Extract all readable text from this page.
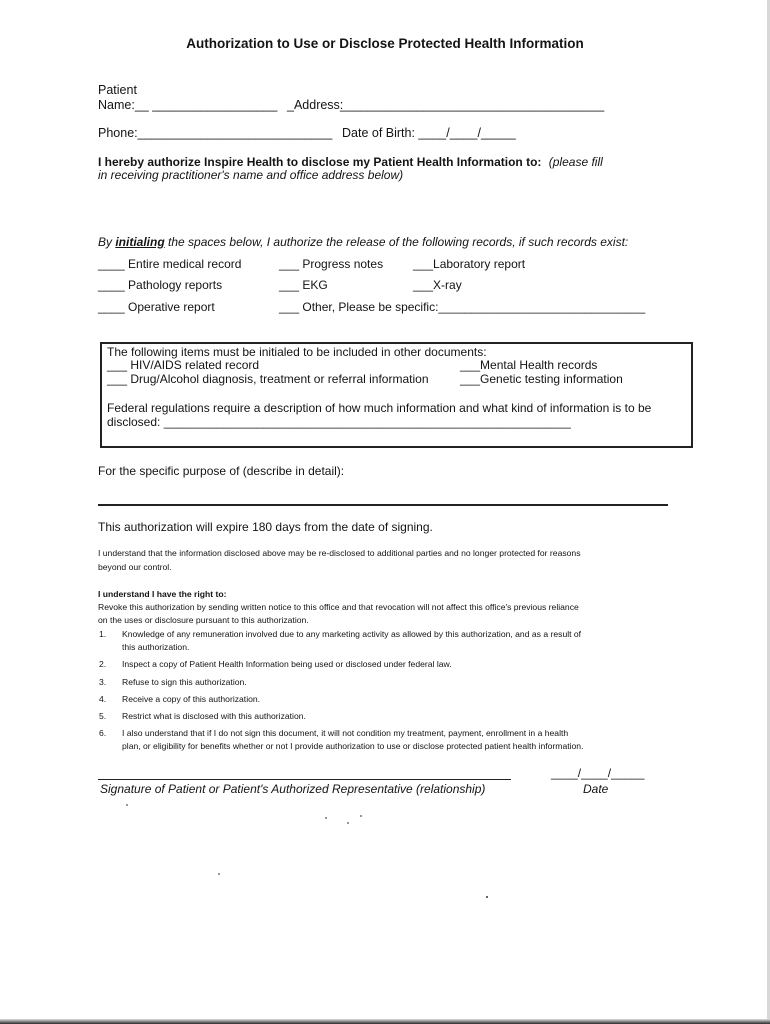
Authorization to Use or Disclose Protected Health Information
Patient
Name:__ __________________ _Address:
______________________________________
Phone:____________________________ Date of Birth: ____/____/_____
I hereby authorize Inspire Health to disclose my Patient Health Information to: (please fill
in receiving practitioner's name and office address below)
By initialing the spaces below, I authorize the release of the following records, if such records exist:
____ Entire medical record	___ Progress notes ___Laboratory report
____ Pathology reports	___ EKG	___X-ray
____ Operative report	___ Other, Please be specific:_______________________________
The following items must be initialed to be included in other documents:
___ HIV/AIDS related record	___Mental Health records
___ Drug/Alcohol diagnosis, treatment or referral information	___Genetic testing information
Federal regulations require a description of how much information and what kind of information is to be
disclosed: _____________________________________________________________
For the specific purpose of (describe in detail):
This authorization will expire 180 days from the date of signing.
I understand that the information disclosed above may be re-disclosed to additional parties and no longer protected for reasons
beyond our control.
I understand I have the right to:
Revoke this authorization by sending written notice to this office and that revocation will not affect this office's previous reliance
on the uses or disclosure pursuant to this authorization.
1. Knowledge of any remuneration involved due to any marketing activity as allowed by this authorization, and as a result of
this authorization.
2. Inspect a copy of Patient Health Information being used or disclosed under federal law.
3. Refuse to sign this authorization.
4. Receive a copy of this authorization.
5. Restrict what is disclosed with this authorization.
6. I also understand that if I do not sign this document, it will not condition my treatment, payment, enrollment in a health
plan, or eligibility for benefits whether or not I provide authorization to use or disclose protected patient health information.
Signature of Patient or Patient's Authorized Representative (relationship)
____/____/_____
Date
